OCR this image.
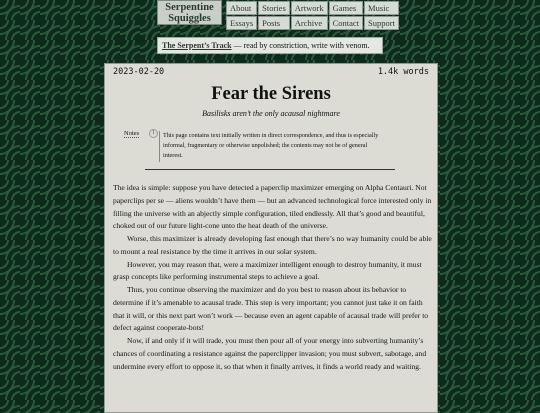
Serpentine Squiggles
About	Stories	Artwork	Games	Music
Essays	Posts	Archive	Contact	Support
The Serpent’s Track — read by constriction, write with venom.
2023-02-20	1.4k words
Fear the Sirens
Basilisks aren’t the only acausal nightmare
Notes	1	This page contains text initially written in direct correspondence, and thus is especially informal, fragmentary or otherwise unpolished; the contents may not be of general interest.

The idea is simple: suppose you have detected a paperclip maximizer emerging on Alpha Centauri. Not paperclips per se — aliens wouldn’t have them — but an advanced technological force interested only in filling the universe with an abjectly simple configuration, tiled endlessly. All that’s good and beautiful, choked out of our future light-cone unto the heat death of the universe.

Worse, this maximizer is already developing fast enough that there’s no way humanity could be able to mount a real resistance by the time it arrives in our solar system.

However, you may reason that, were a maximizer intelligent enough to destroy humanity, it must grasp concepts like performing instrumental steps to achieve a goal.

Thus, you continue observing the maximizer and do you best to reason about its behavior to determine if it’s amenable to acausal trade. This step is very important; you cannot just take it on faith that it will, or this next part won’t work — because even an agent capable of acausal trade will prefer to defect against cooperate-bots!

Now, if and only if it will trade, you must then pour all of your energy into subverting humanity’s chances of coordinating a resistance against the paperclipper invasion; you must subvert, sabotage, and undermine every effort to oppose it, so that when it finally arrives, it finds a world ready and waiting.
